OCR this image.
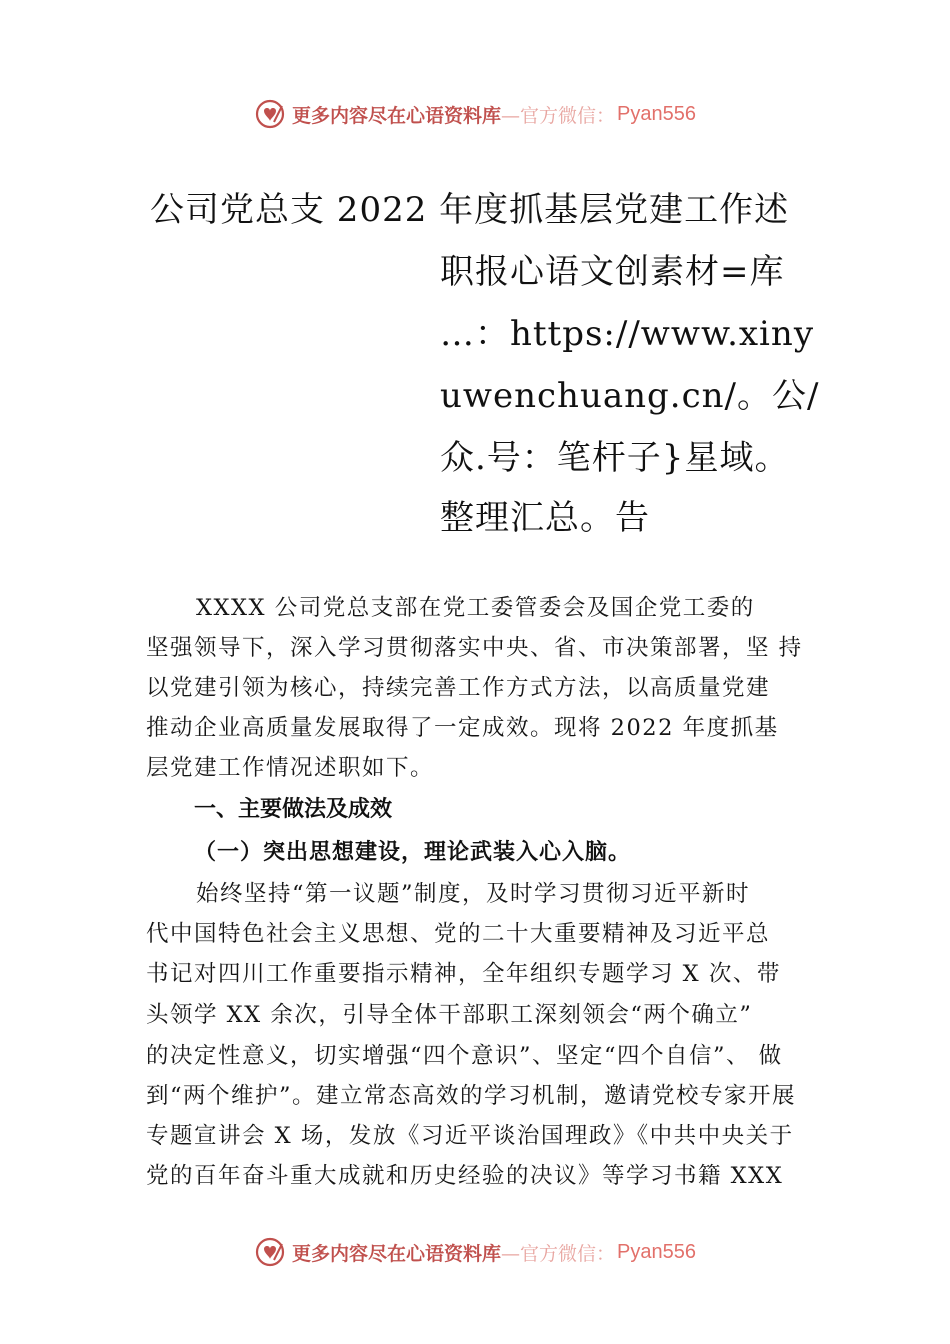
更多内容尽在心语资料库 —官方微信： Pyan556
公司党总支 2022 年度抓基层党建工作述
职报心语文创素材=库
…：https://www.xiny
uwenchuang.cn/。公/
众.号：笔杆子}星域。
整理汇总。告
XXXX 公司党总支部在党工委管委会及国企党工委的
坚强领导下，深入学习贯彻落实中央、省、市决策部署，坚 持
以党建引领为核心，持续完善工作方式方法，以高质量党建
推动企业高质量发展取得了一定成效。现将 2022 年度抓基
层党建工作情况述职如下。
一、主要做法及成效
（一）突出思想建设，理论武装入心入脑。
始终坚持“第一议题”制度，及时学习贯彻习近平新时
代中国特色社会主义思想、党的二十大重要精神及习近平总
书记对四川工作重要指示精神，全年组织专题学习 X 次、带
头领学 XX 余次，引导全体干部职工深刻领会“两个确立”
的决定性意义，切实增强“四个意识”、坚定“四个自信”、 做
到“两个维护”。建立常态高效的学习机制，邀请党校专家开展
专题宣讲会 X 场，发放《习近平谈治国理政》《中共中央关于
党的百年奋斗重大成就和历史经验的决议》等学习书籍 XXX
更多内容尽在心语资料库 —官方微信： Pyan556
